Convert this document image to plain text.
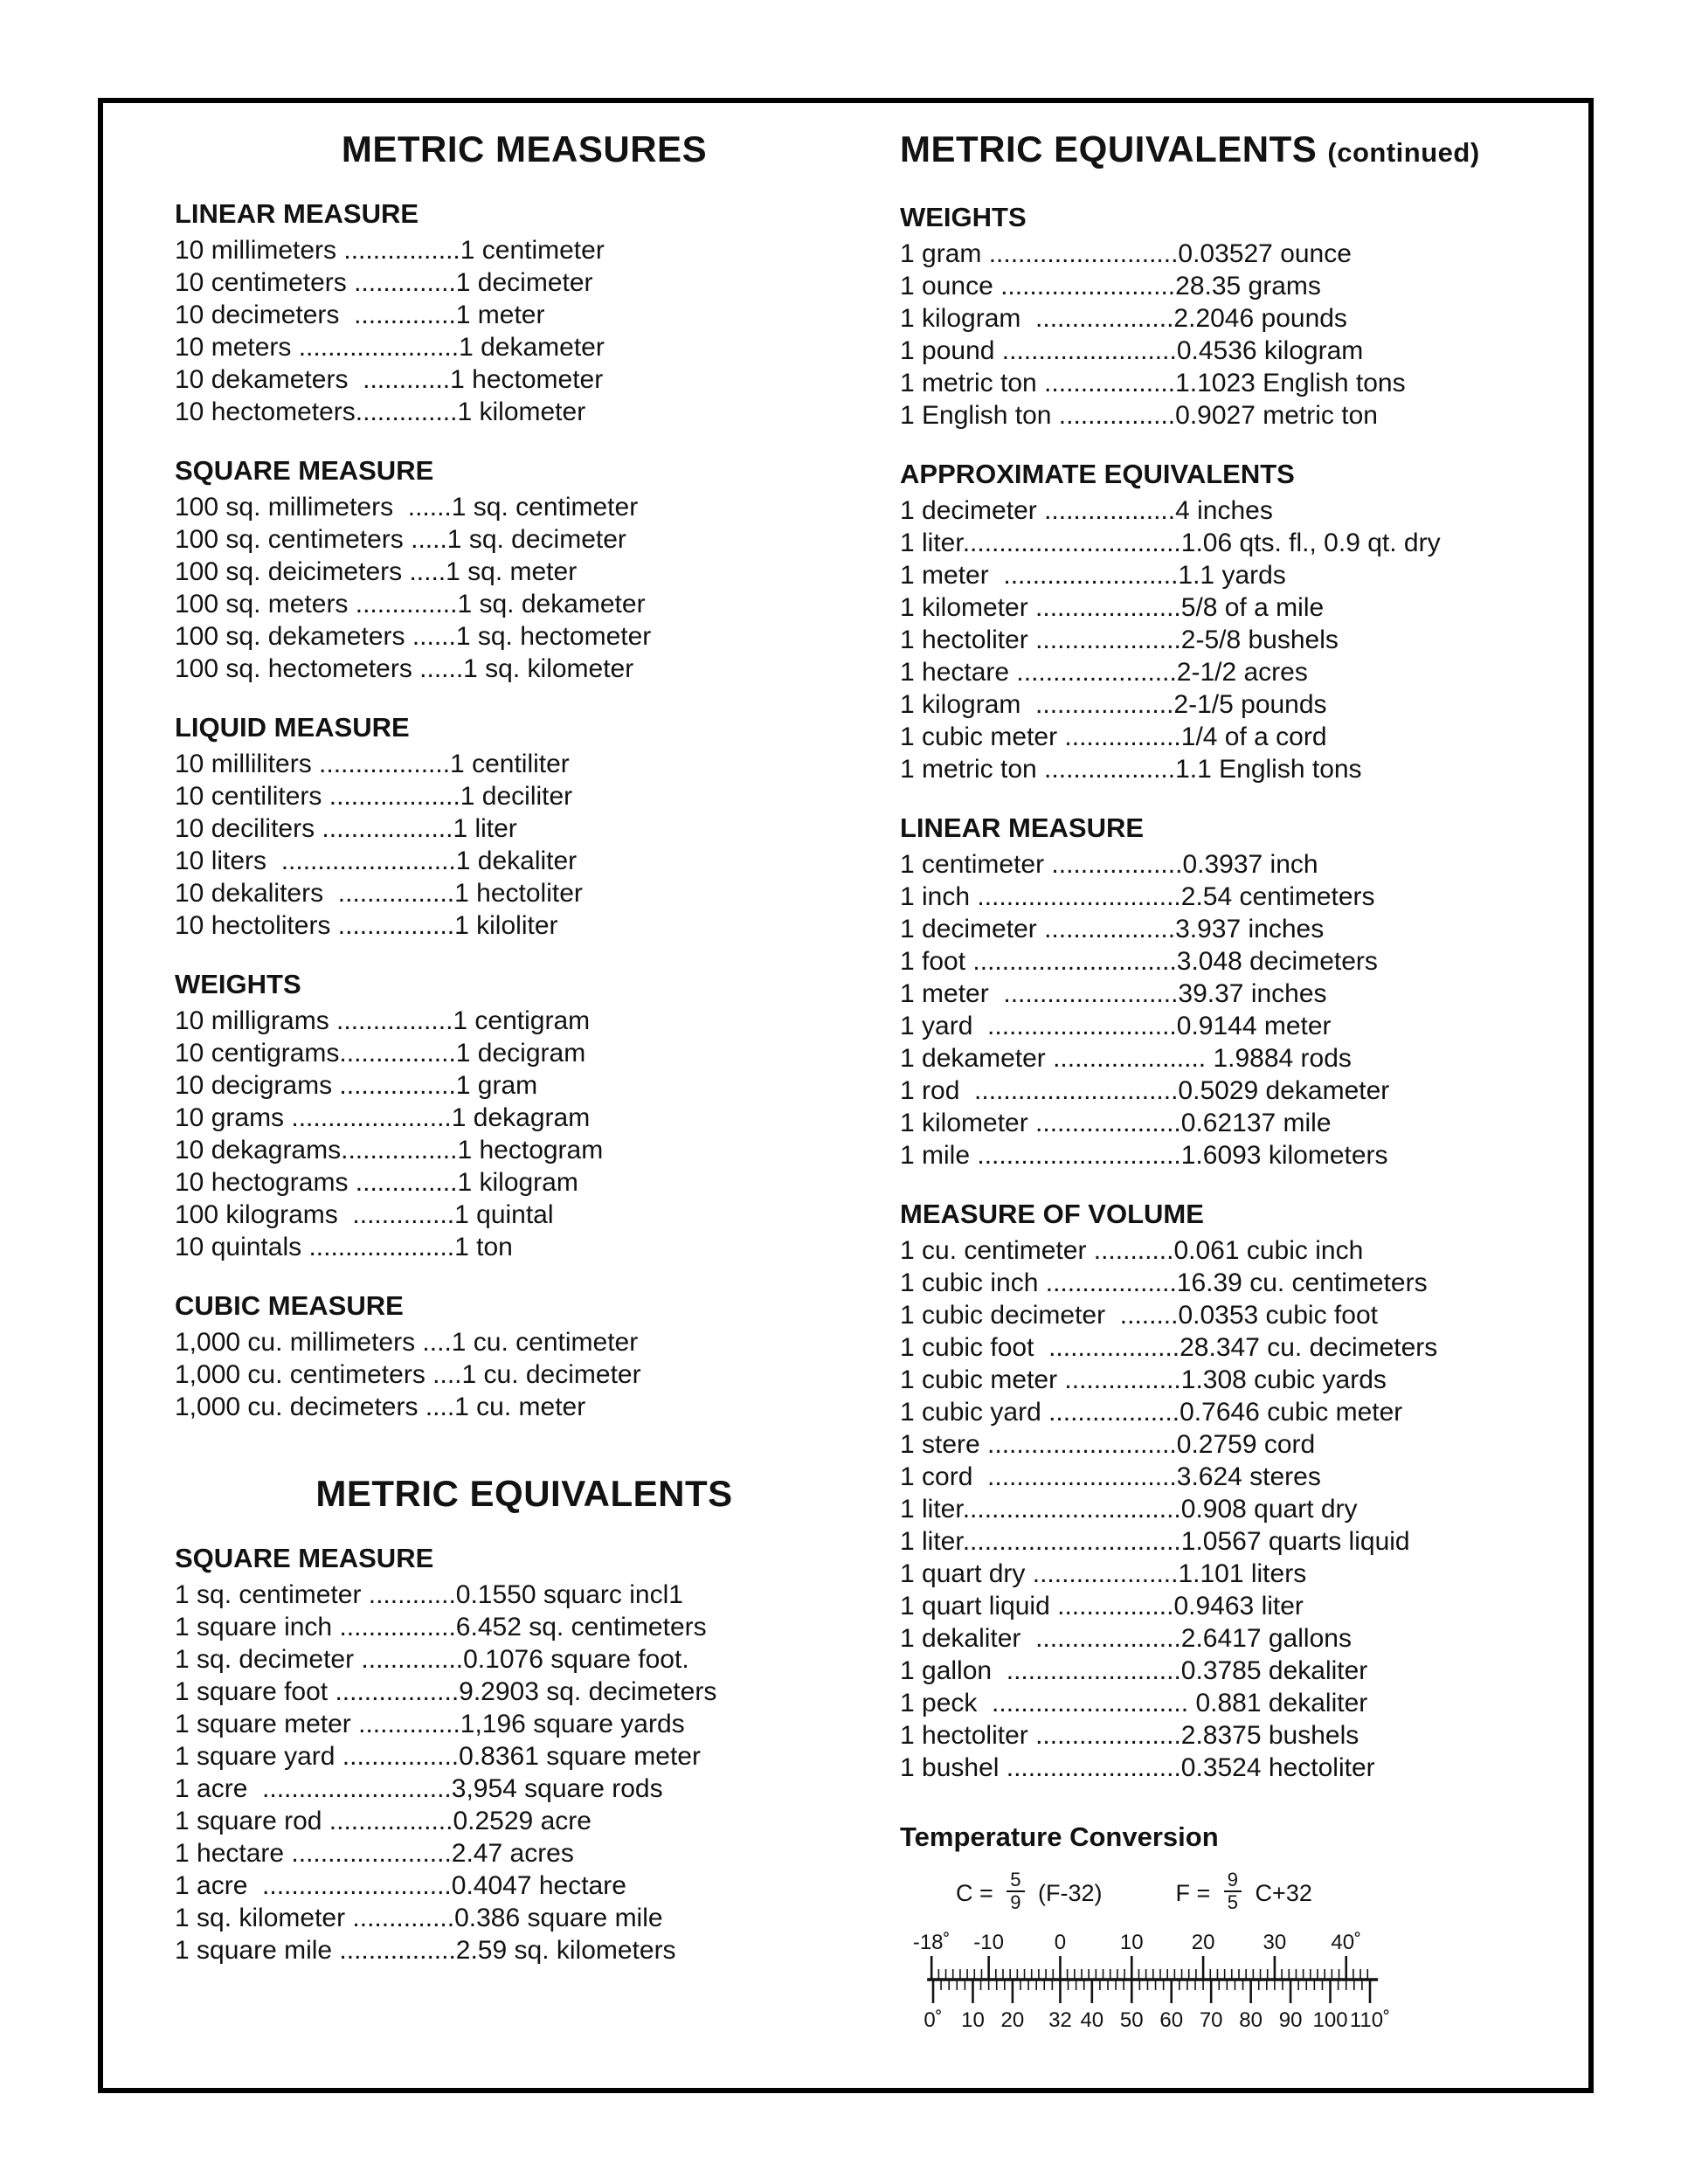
METRIC MEASURES
LINEAR MEASURE
10 millimeters ................1 centimeter
10 centimeters ..............1 decimeter
10 decimeters  ..............1 meter
10 meters ......................1 dekameter
10 dekameters  ............1 hectometer
10 hectometers..............1 kilometer
SQUARE MEASURE
100 sq. millimeters  ......1 sq. centimeter
100 sq. centimeters .....1 sq. decimeter
100 sq. deicimeters .....1 sq. meter
100 sq. meters ..............1 sq. dekameter
100 sq. dekameters ......1 sq. hectometer
100 sq. hectometers ......1 sq. kilometer
LIQUID MEASURE
10 milliliters ..................1 centiliter
10 centiliters ..................1 deciliter
10 deciliters ..................1 liter
10 liters  ........................1 dekaliter
10 dekaliters  ................1 hectoliter
10 hectoliters ................1 kiloliter
WEIGHTS
10 milligrams ................1 centigram
10 centigrams................1 decigram
10 decigrams ................1 gram
10 grams ......................1 dekagram
10 dekagrams................1 hectogram
10 hectograms ..............1 kilogram
100 kilograms  ..............1 quintal
10 quintals ....................1 ton
CUBIC MEASURE
1,000 cu. millimeters ....1 cu. centimeter
1,000 cu. centimeters ....1 cu. decimeter
1,000 cu. decimeters ....1 cu. meter
METRIC EQUIVALENTS
SQUARE MEASURE
1 sq. centimeter ............0.1550 squarc incl1
1 square inch ................6.452 sq. centimeters
1 sq. decimeter ..............0.1076 square foot.
1 square foot .................9.2903 sq. decimeters
1 square meter ..............1,196 square yards
1 square yard ................0.8361 square meter
1 acre  ..........................3,954 square rods
1 square rod .................0.2529 acre
1 hectare ......................2.47 acres
1 acre  ..........................0.4047 hectare
1 sq. kilometer ..............0.386 square mile
1 square mile ................2.59 sq. kilometers
METRIC EQUIVALENTS (continued)
WEIGHTS
1 gram ..........................0.03527 ounce
1 ounce ........................28.35 grams
1 kilogram  ...................2.2046 pounds
1 pound ........................0.4536 kilogram
1 metric ton ..................1.1023 English tons
1 English ton ................0.9027 metric ton
APPROXIMATE EQUIVALENTS
1 decimeter ..................4 inches
1 liter..............................1.06 qts. fl., 0.9 qt. dry
1 meter  ........................1.1 yards
1 kilometer ....................5/8 of a mile
1 hectoliter ....................2-5/8 bushels
1 hectare ......................2-1/2 acres
1 kilogram  ...................2-1/5 pounds
1 cubic meter ................1/4 of a cord
1 metric ton ..................1.1 English tons
LINEAR MEASURE
1 centimeter ..................0.3937 inch
1 inch ............................2.54 centimeters
1 decimeter ..................3.937 inches
1 foot ............................3.048 decimeters
1 meter  ........................39.37 inches
1 yard  ..........................0.9144 meter
1 dekameter ..................... 1.9884 rods
1 rod  ............................0.5029 dekameter
1 kilometer ....................0.62137 mile
1 mile ............................1.6093 kilometers
MEASURE OF VOLUME
1 cu. centimeter ...........0.061 cubic inch
1 cubic inch ..................16.39 cu. centimeters
1 cubic decimeter  ........0.0353 cubic foot
1 cubic foot  ..................28.347 cu. decimeters
1 cubic meter ................1.308 cubic yards
1 cubic yard ..................0.7646 cubic meter
1 stere ..........................0.2759 cord
1 cord  ..........................3.624 steres
1 liter..............................0.908 quart dry
1 liter..............................1.0567 quarts liquid
1 quart dry ....................1.101 liters
1 quart liquid ................0.9463 liter
1 dekaliter  ....................2.6417 gallons
1 gallon  ........................0.3785 dekaliter
1 peck  ........................... 0.881 dekaliter
1 hectoliter ....................2.8375 bushels
1 bushel ........................0.3524 hectoliter
Temperature Conversion
$C = \frac{5}{9} (F-32)$	$F = \frac{9}{5} C+32$
-18˚ -10 0	10 20 30 40˚
0˚ 10 20 32 40 50 60 70 80 90 100 110˚
